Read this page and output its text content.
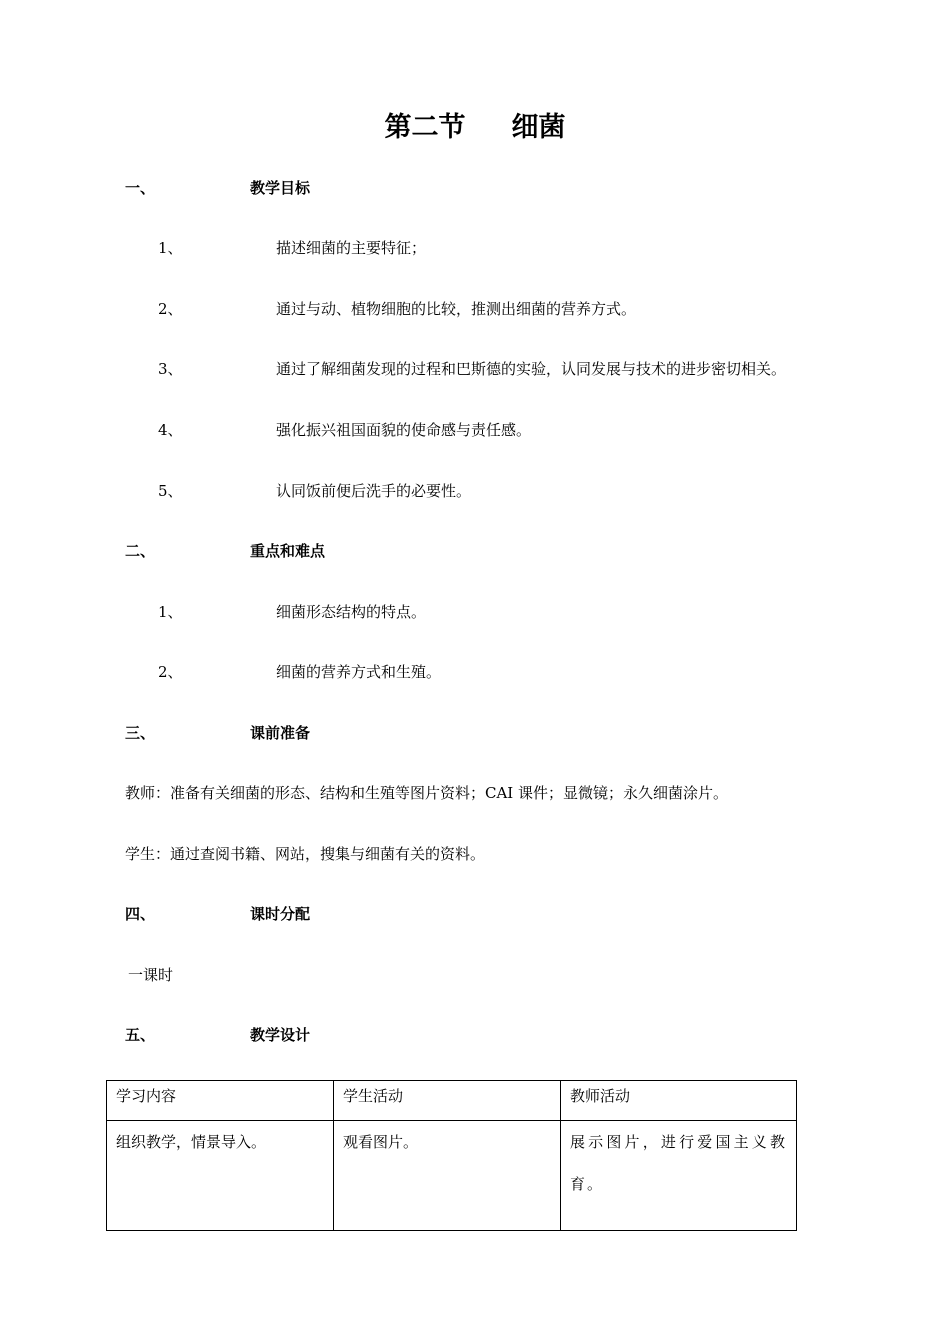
第二节 细菌
一、	教学目标
1、	描述细菌的主要特征；
2、	通过与动、植物细胞的比较，推测出细菌的营养方式。
3、	通过了解细菌发现的过程和巴斯德的实验，认同发展与技术的进步密切相关。
4、	强化振兴祖国面貌的使命感与责任感。
5、	认同饭前便后洗手的必要性。
二、	重点和难点
1、	细菌形态结构的特点。
2、	细菌的营养方式和生殖。
三、	课前准备
教师：准备有关细菌的形态、结构和生殖等图片资料；CAI 课件；显微镜；永久细菌涂片。
学生：通过查阅书籍、网站，搜集与细菌有关的资料。
四、	课时分配
一课时
五、	教学设计
学习内容	学生活动	教师活动
组织教学，情景导入。	观看图片。	展示图片，进行爱国主义教育。
